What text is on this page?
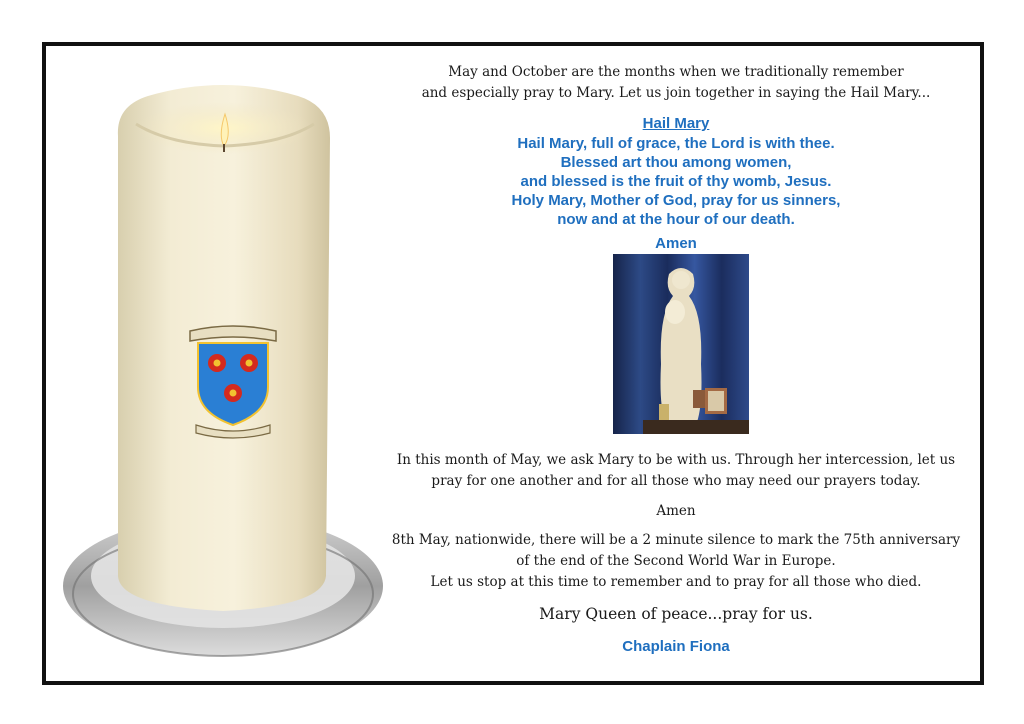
May and October are the months when we traditionally remember
and especially pray to Mary. Let us join together in saying the Hail Mary...
Hail Mary
Hail Mary, full of grace, the Lord is with thee.
Blessed art thou among women,
and blessed is the fruit of thy womb, Jesus.
Holy Mary, Mother of God, pray for us sinners,
now and at the hour of our death.
Amen
In this month of May, we ask Mary to be with us. Through her intercession, let us
pray for one another and for all those who may need our prayers today.
Amen
8th May, nationwide, there will be a 2 minute silence to mark the 75th anniversary
of the end of the Second World War in Europe.
Let us stop at this time to remember and to pray for all those who died.
Mary Queen of peace...pray for us.
Chaplain Fiona
